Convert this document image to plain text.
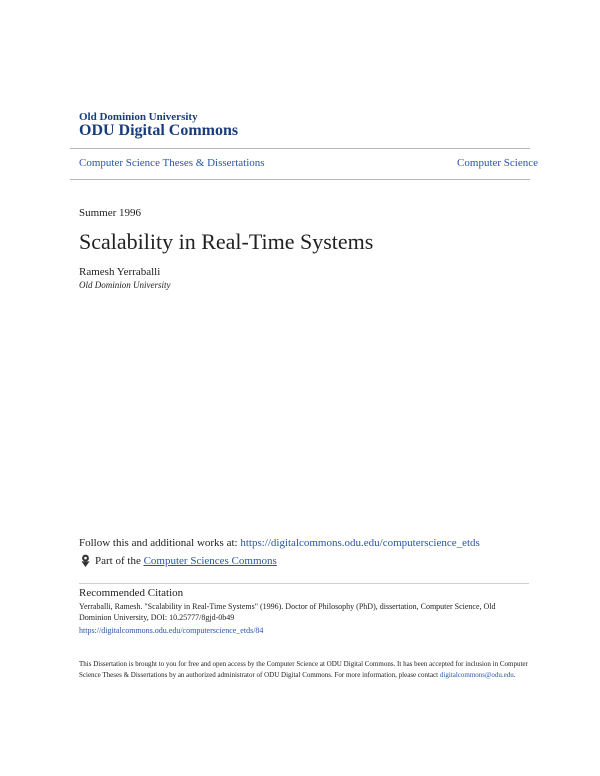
Old Dominion University
ODU Digital Commons
Computer Science Theses & Dissertations	Computer Science
Summer 1996
Scalability in Real-Time Systems
Ramesh Yerraballi
Old Dominion University
Follow this and additional works at: https://digitalcommons.odu.edu/computerscience_etds
Part of the
Computer Sciences Commons
Recommended Citation
Yerraballi, Ramesh. "Scalability in Real-Time Systems" (1996). Doctor of Philosophy (PhD), dissertation, Computer Science, Old Dominion University, DOI: 10.25777/8gjd-0b49
https://digitalcommons.odu.edu/computerscience_etds/84
This Dissertation is brought to you for free and open access by the Computer Science at ODU Digital Commons. It has been accepted for inclusion in Computer Science Theses & Dissertations by an authorized administrator of ODU Digital Commons. For more information, please contact digitalcommons@odu.edu.
